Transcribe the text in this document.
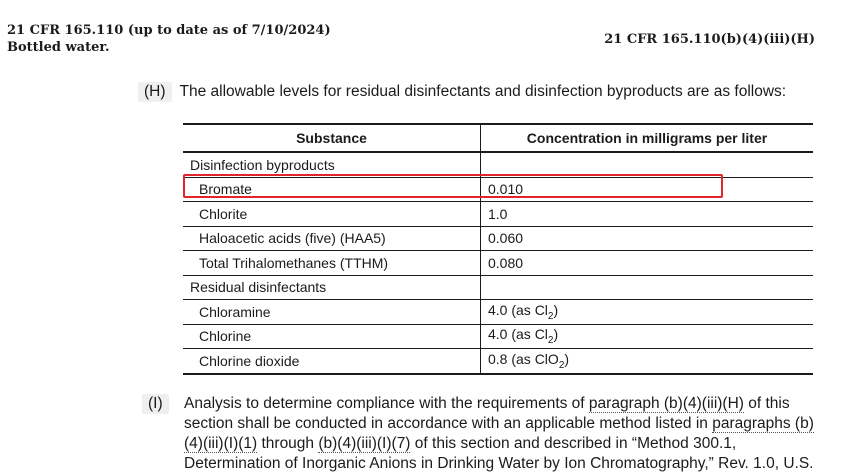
21 CFR 165.110 (up to date as of 7/10/2024)
Bottled water.
21 CFR 165.110(b)(4)(iii)(H)
(H) The allowable levels for residual disinfectants and disinfection byproducts are as follows:
Substance	Concentration in milligrams per liter
Disinfection byproducts	
Bromate	0.010
Chlorite	1.0
Haloacetic acids (five) (HAA5)	0.060
Total Trihalomethanes (TTHM)	0.080
Residual disinfectants	
Chloramine	4.0 (as $Cl_2$)
Chlorine	4.0 (as $Cl_2$)
Chlorine dioxide	0.8 (as ClO$_2$)
(I)	Analysis to determine compliance with the requirements of paragraph (b)(4)(iii)(H) of this section shall be conducted in accordance with an applicable method listed in paragraphs (b)(4)(iii)(I)(1) through (b)(4)(iii)(I)(7) of this section and described in “Method 300.1, Determination of Inorganic Anions in Drinking Water by Ion Chromatography,” Rev. 1.0, U.S.
